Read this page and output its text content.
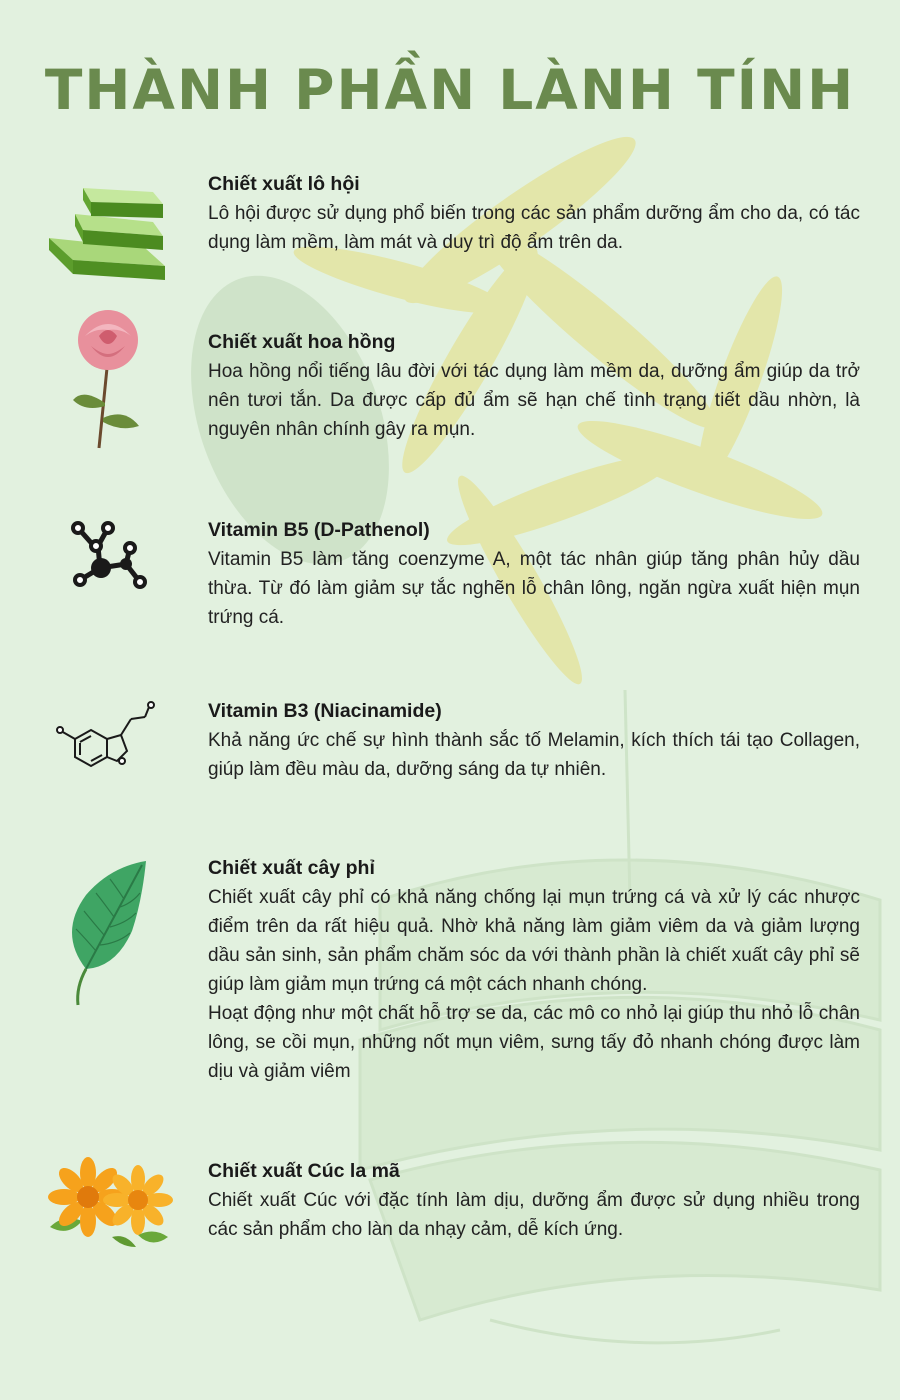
THÀNH PHẦN LÀNH TÍNH
Chiết xuất lô hội

Lô hội được sử dụng phổ biến trong các sản phẩm dưỡng ẩm cho da, có tác dụng làm mềm, làm mát và duy trì độ ẩm trên da.

Chiết xuất hoa hồng

Hoa hồng nổi tiếng lâu đời với tác dụng làm mềm da, dưỡng ẩm giúp da trở nên tươi tắn. Da được cấp đủ ẩm sẽ hạn chế tình trạng tiết dầu nhờn, là nguyên nhân chính gây ra mụn.

Vitamin B5 (D-Pathenol)

Vitamin B5 làm tăng coenzyme A, một tác nhân giúp tăng phân hủy dầu thừa. Từ đó làm giảm sự tắc nghẽn lỗ chân lông, ngăn ngừa xuất hiện mụn trứng cá.

Vitamin B3 (Niacinamide)

Khả năng ức chế sự hình thành sắc tố Melamin, kích thích tái tạo Collagen, giúp làm đều màu da, dưỡng sáng da tự nhiên.

Chiết xuất cây phỉ

Chiết xuất cây phỉ có khả năng chống lại mụn trứng cá và xử lý các nhược điểm trên da rất hiệu quả. Nhờ khả năng làm giảm viêm da và giảm lượng dầu sản sinh, sản phẩm chăm sóc da với thành phần là chiết xuất cây phỉ sẽ giúp làm giảm mụn trứng cá một cách nhanh chóng.

Hoạt động như một chất hỗ trợ se da, các mô co nhỏ lại giúp thu nhỏ lỗ chân lông, se cồi mụn, những nốt mụn viêm, sưng tấy đỏ nhanh chóng được làm dịu và giảm viêm

Chiết xuất Cúc la mã

Chiết xuất Cúc với đặc tính làm dịu, dưỡng ẩm được sử dụng nhiều trong các sản phẩm cho làn da nhạy cảm, dễ kích ứng.
